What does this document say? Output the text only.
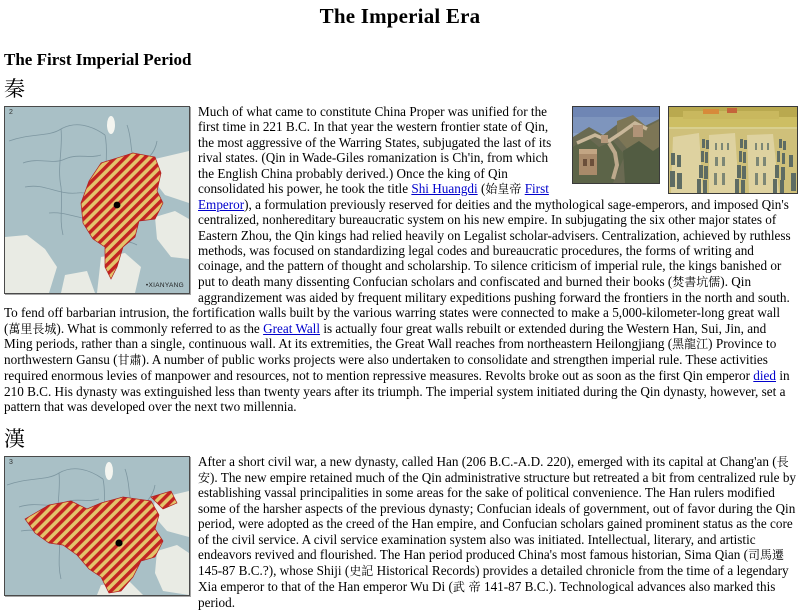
The Imperial Era
The First Imperial Period
秦
2
•XIANYANG
Much of what came to constitute China Proper was unified for the first time in 221 B.C. In that year the western frontier state of Qin, the most aggressive of the Warring States, subjugated the last of its rival states. (Qin in Wade-Giles romanization is Ch'in, from which the English China probably derived.) Once the king of Qin consolidated his power, he took the title Shi Huangdi (始皇帝 First Emperor), a formulation previously reserved for deities and the mythological sage-emperors, and imposed Qin's centralized, nonhereditary bureaucratic system on his new empire. In subjugating the six other major states of Eastern Zhou, the Qin kings had relied heavily on Legalist scholar-advisers. Centralization, achieved by ruthless methods, was focused on standardizing legal codes and bureaucratic procedures, the forms of writing and coinage, and the pattern of thought and scholarship. To silence criticism of imperial rule, the kings banished or put to death many dissenting Confucian scholars and confiscated and burned their books (焚書坑儒). Qin aggrandizement was aided by frequent military expeditions pushing forward the frontiers in the north and south. To fend off barbarian intrusion, the fortification walls built by the various warring states were connected to make a 5,000-kilometer-long great wall (萬里長城). What is commonly referred to as the Great Wall is actually four great walls rebuilt or extended during the Western Han, Sui, Jin, and Ming periods, rather than a single, continuous wall. At its extremities, the Great Wall reaches from northeastern Heilongjiang (黑龍江) Province to northwestern Gansu (甘肅). A number of public works projects were also undertaken to consolidate and strengthen imperial rule. These activities required enormous levies of manpower and resources, not to mention repressive measures. Revolts broke out as soon as the first Qin emperor died in 210 B.C. His dynasty was extinguished less than twenty years after its triumph. The imperial system initiated during the Qin dynasty, however, set a pattern that was developed over the next two millennia.
漢
3	After a short civil war, a new dynasty, called Han (206 B.C.-A.D. 220), emerged with its capital at Chang'an (長 安). The new empire retained much of the Qin administrative structure but retreated a bit from centralized rule by establishing vassal principalities in some areas for the sake of political convenience. The Han rulers modified some of the harsher aspects of the previous dynasty; Confucian ideals of government, out of favor during the Qin period, were adopted as the creed of the Han empire, and Confucian scholars gained prominent status as the core of the civil service. A civil service examination system also was initiated. Intellectual, literary, and artistic endeavors revived and flourished. The Han period produced China's most famous historian, Sima Qian (司馬遷 145-87 B.C.?), whose Shiji (史記 Historical Records) provides a detailed chronicle from the time of a legendary Xia emperor to that of the Han emperor Wu Di (武 帝 141-87 B.C.). Technological advances also marked this period.
